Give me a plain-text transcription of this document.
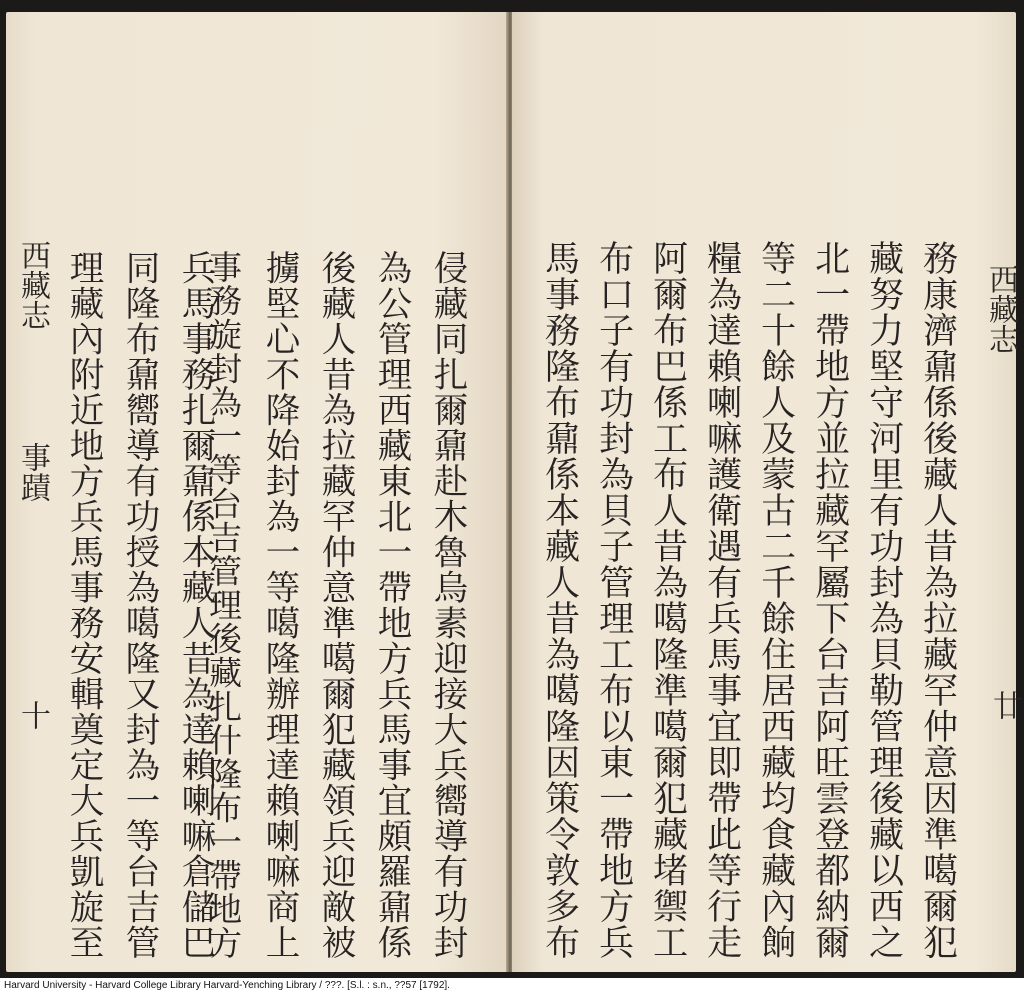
西藏志
事蹟
十	侵藏同扎爾鼐赴木魯烏素迎接大兵嚮導有功封
為公管理西藏東北一帶地方兵馬事宜頗羅鼐係
後藏人昔為拉藏罕仲意準噶爾犯藏領兵迎敵被
擄堅心不降始封為一等噶隆辦理達賴喇嘛商上
事務旋封為一等台吉管理後藏扎什隆布一帶地方
兵馬事務扎爾鼐係本藏人昔為達賴喇嘛倉儲巴
同隆布鼐嚮導有功授為噶隆又封為一等台吉管
理藏內附近地方兵馬事務安輯奠定大兵凱旋至	西藏志
廿
務康濟鼐係後藏人昔為拉藏罕仲意因準噶爾犯
藏努力堅守河里有功封為貝勒管理後藏以西之
北一帶地方並拉藏罕屬下台吉阿旺雲登都納爾
等二十餘人及蒙古二千餘住居西藏均食藏內餉
糧為達賴喇嘛護衛遇有兵馬事宜即帶此等行走
阿爾布巴係工布人昔為噶隆準噶爾犯藏堵禦工
布口子有功封為貝子管理工布以東一帶地方兵
馬事務隆布鼐係本藏人昔為噶隆因策令敦多布
Harvard University - Harvard College Library Harvard-Yenching Library / ???. [S.l. : s.n., ??57 [1792].
